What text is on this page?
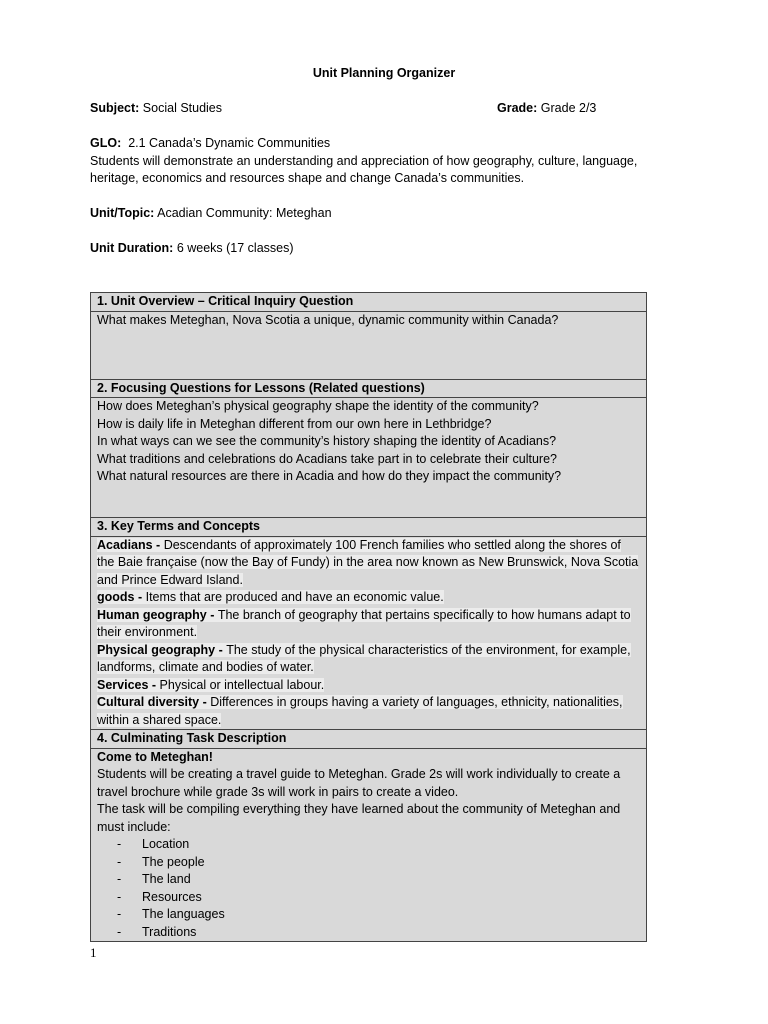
Unit Planning Organizer
Subject: Social Studies	Grade: Grade 2/3
GLO: 2.1 Canada’s Dynamic Communities
Students will demonstrate an understanding and appreciation of how geography, culture, language,
heritage, economics and resources shape and change Canada’s communities.
Unit/Topic: Acadian Community: Meteghan
Unit Duration: 6 weeks (17 classes)
1. Unit Overview – Critical Inquiry Question
What makes Meteghan, Nova Scotia a unique, dynamic community within Canada?
2. Focusing Questions for Lessons (Related questions)

How does Meteghan’s physical geography shape the identity of the community?
How is daily life in Meteghan different from our own here in Lethbridge?
In what ways can we see the community’s history shaping the identity of Acadians?
What traditions and celebrations do Acadians take part in to celebrate their culture?
What natural resources are there in Acadia and how do they impact the community?

3. Key Terms and Concepts

Acadians - Descendants of approximately 100 French families who settled along the shores of
the Baie française (now the Bay of Fundy) in the area now known as New Brunswick, Nova Scotia
and Prince Edward Island.
goods - Items that are produced and have an economic value.
Human geography - The branch of geography that pertains specifically to how humans adapt to
their environment.
Physical geography - The study of the physical characteristics of the environment, for example,
landforms, climate and bodies of water.
Services - Physical or intellectual labour.
Cultural diversity - Differences in groups having a variety of languages, ethnicity, nationalities,
within a shared space.

4. Culminating Task Description

Come to Meteghan!
Students will be creating a travel guide to Meteghan. Grade 2s will work individually to create a
travel brochure while grade 3s will work in pairs to create a video.
The task will be compiling everything they have learned about the community of Meteghan and
must include:
- Location
- The people
- The land
- Resources
- The languages
- Traditions
1
